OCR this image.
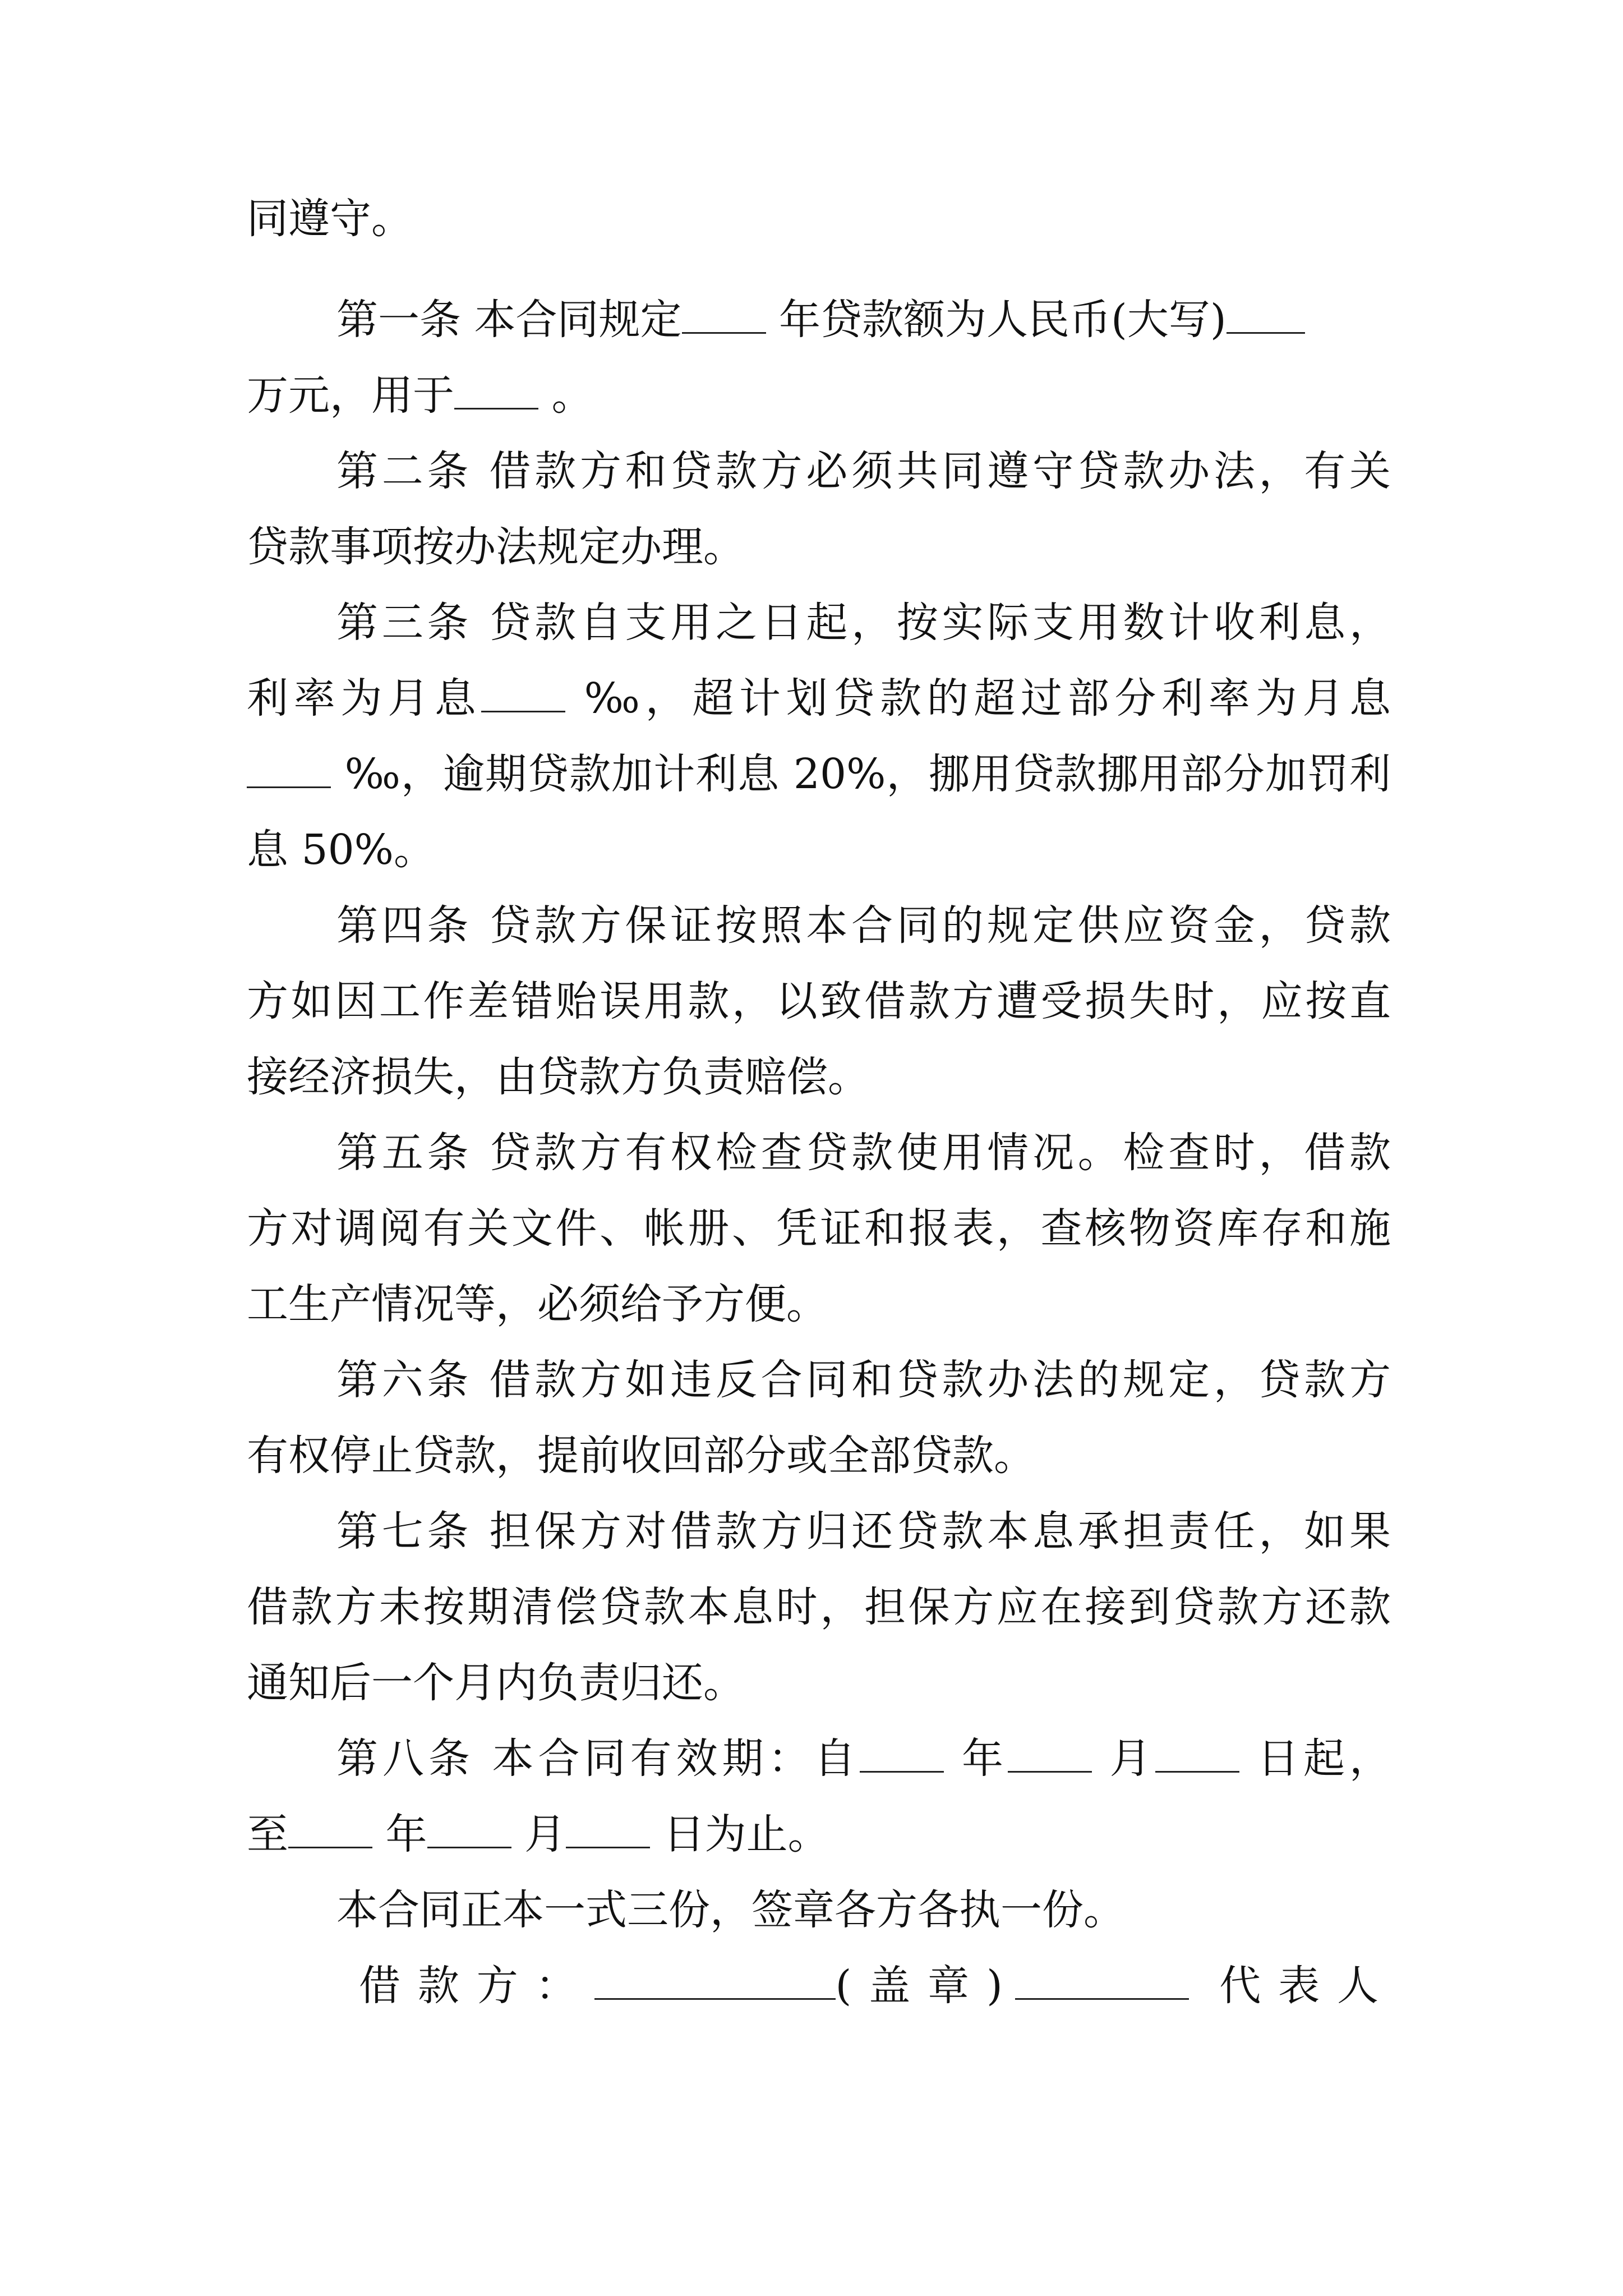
同遵守。
第一条 本合同规定 年贷款额为人民币(大写)
万元，用于 。
第二条 借款方和贷款方必须共同遵守贷款办法，有关
贷款事项按办法规定办理。
第三条 贷款自支用之日起，按实际支用数计收利息，
利率为月息 ‰，超计划贷款的超过部分利率为月息
‰，逾期贷款加计利息 20%，挪用贷款挪用部分加罚利
息 50%。
第四条 贷款方保证按照本合同的规定供应资金，贷款
方如因工作差错贻误用款，以致借款方遭受损失时，应按直
接经济损失，由贷款方负责赔偿。
第五条 贷款方有权检查贷款使用情况。检查时，借款
方对调阅有关文件、帐册、凭证和报表，查核物资库存和施
工生产情况等，必须给予方便。
第六条 借款方如违反合同和贷款办法的规定，贷款方
有权停止贷款，提前收回部分或全部贷款。
第七条 担保方对借款方归还贷款本息承担责任，如果
借款方未按期清偿贷款本息时，担保方应在接到贷款方还款
通知后一个月内负责归还。
第八条 本合同有效期：自 年 月 日起，
至 年 月 日为止。
本合同正本一式三份，签章各方各执一份。
借款方：	(盖章)	代表人
